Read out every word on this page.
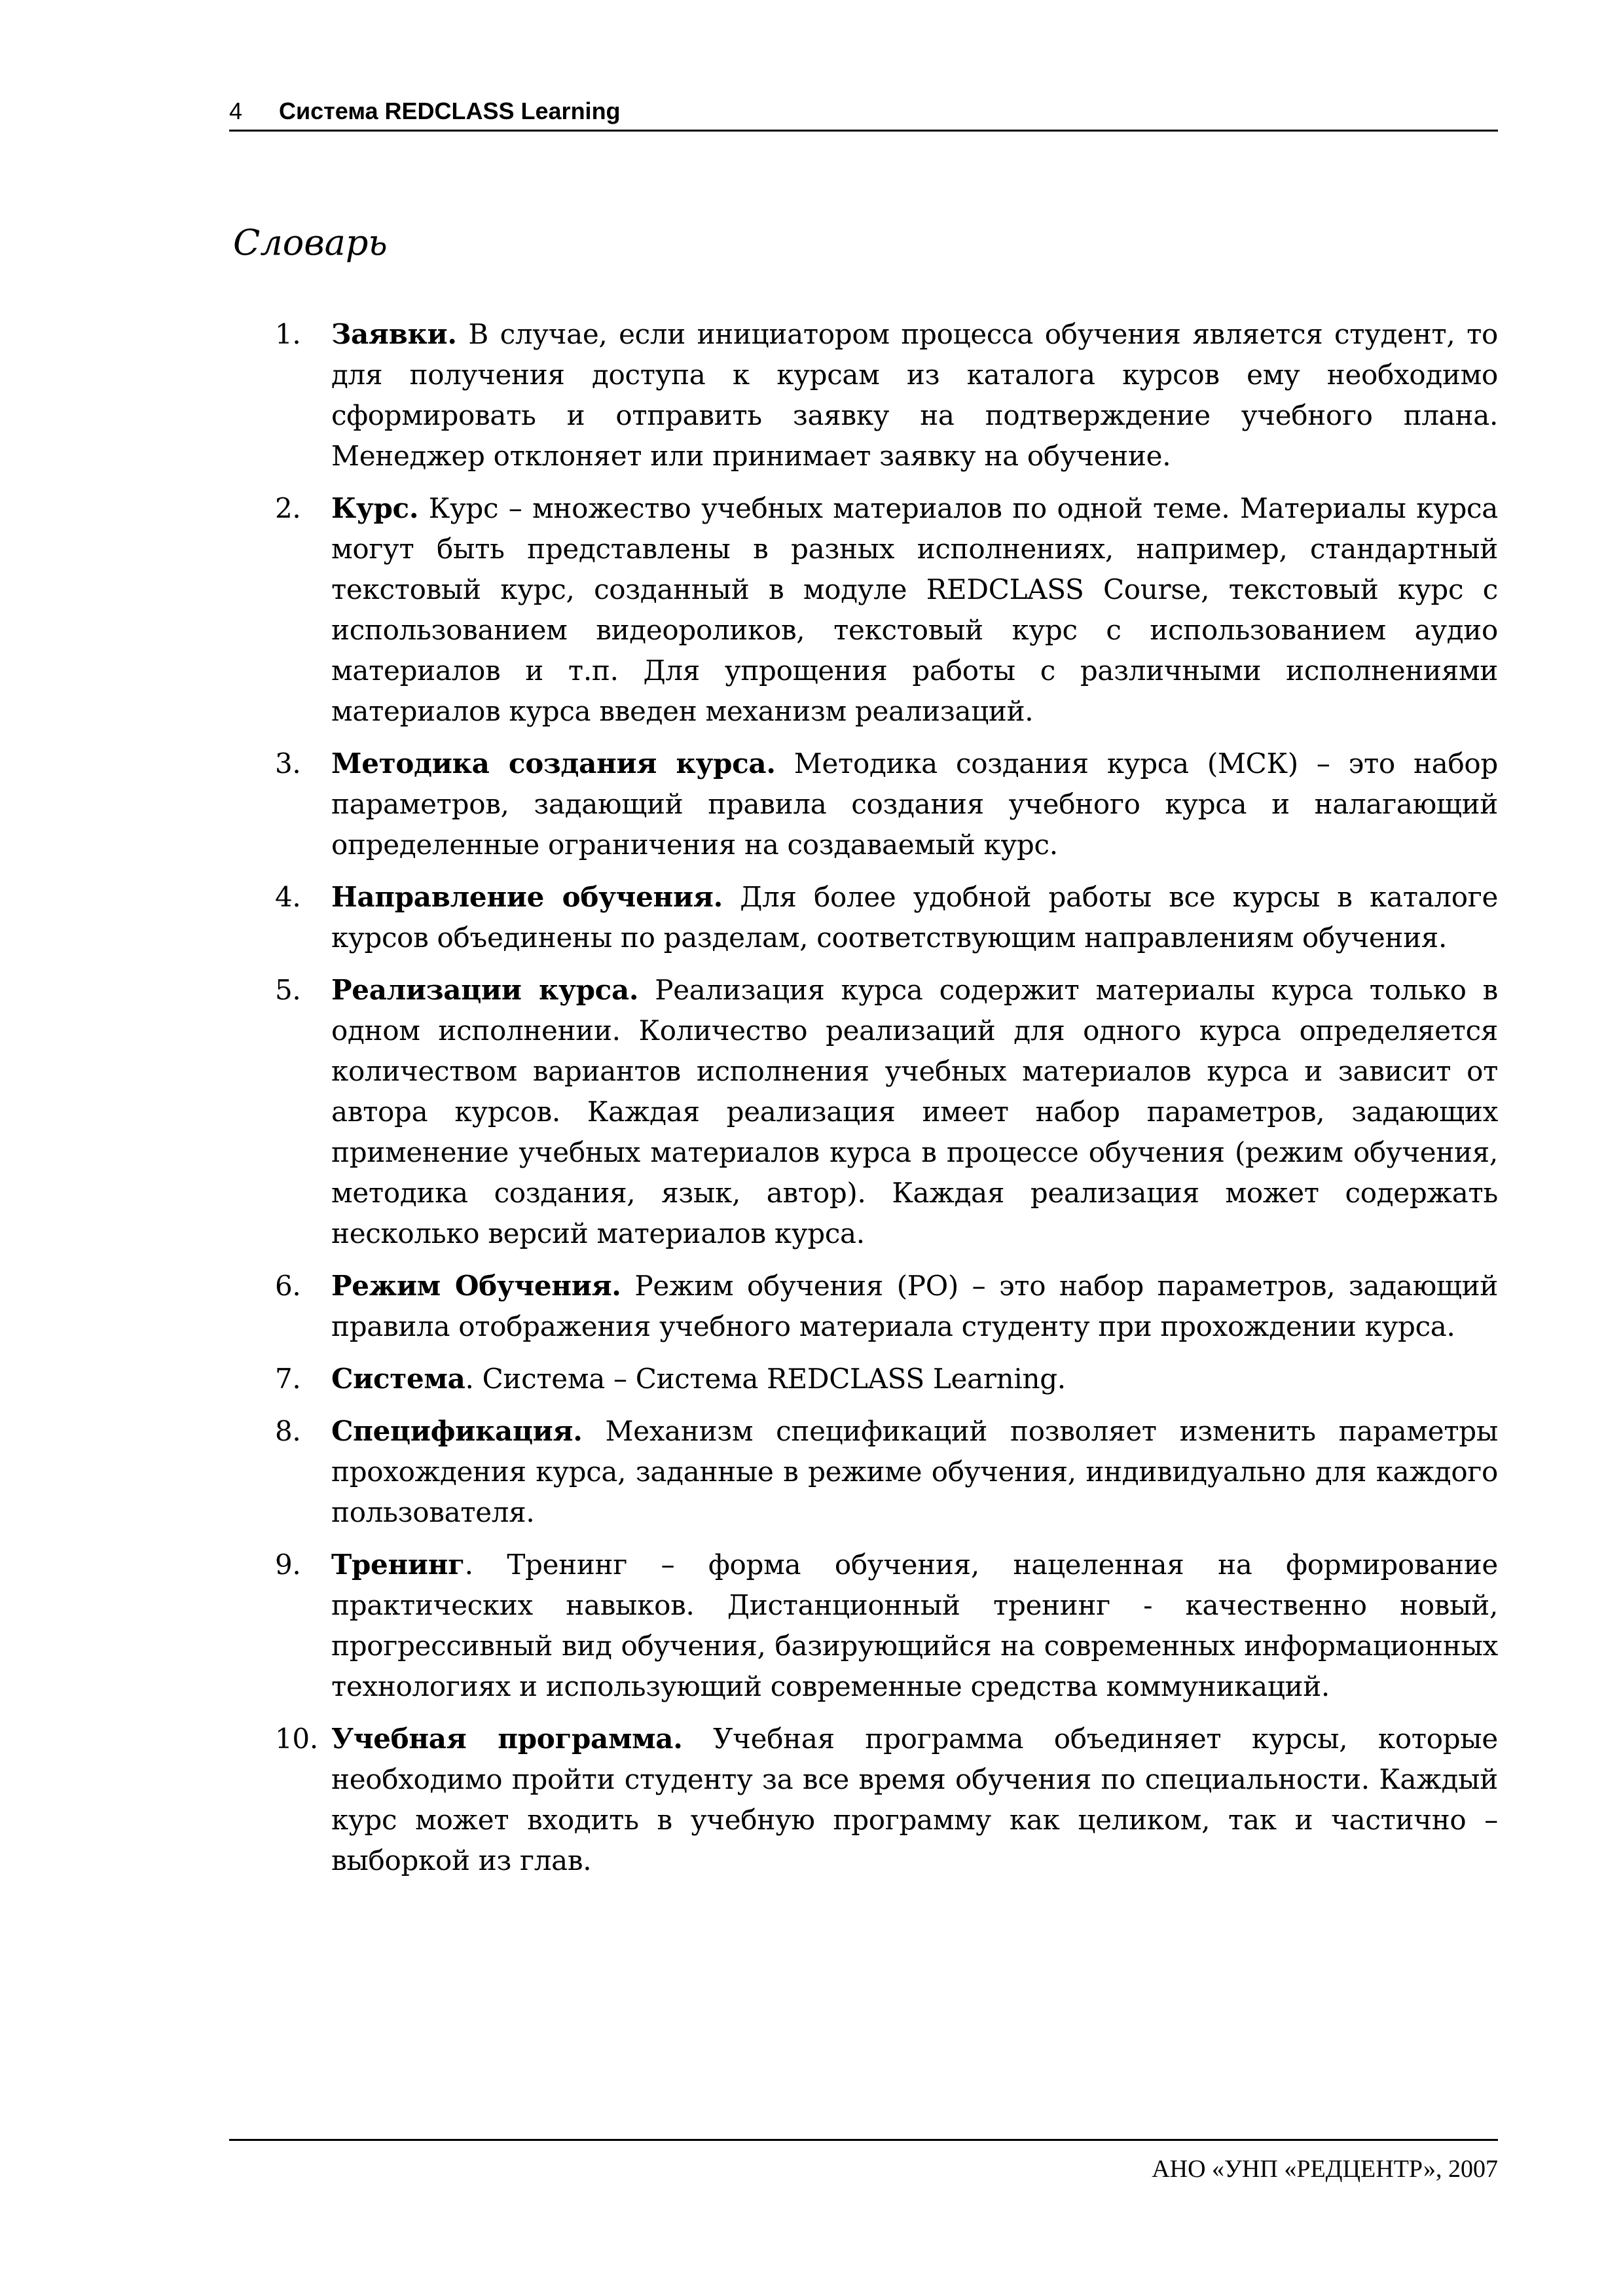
4 Система REDCLASS Learning
Словарь
1. Заявки. В случае, если инициатором процесса обучения является студент, то для получения доступа к курсам из каталога курсов ему необходимо сформировать и отправить заявку на подтверждение учебного плана. Менеджер отклоняет или принимает заявку на обучение.
2. Курс. Курс – множество учебных материалов по одной теме. Материалы курса могут быть представлены в разных исполнениях, например, стандартный текстовый курс, созданный в модуле REDCLASS Course, текстовый курс с использованием видеороликов, текстовый курс с использованием аудио материалов и т.п. Для упрощения работы с различными исполнениями материалов курса введен механизм реализаций.
3. Методика создания курса. Методика создания курса (МСК) – это набор параметров, задающий правила создания учебного курса и налагающий определенные ограничения на создаваемый курс.
4. Направление обучения. Для более удобной работы все курсы в каталоге курсов объединены по разделам, соответствующим направлениям обучения.
5. Реализации курса. Реализация курса содержит материалы курса только в одном исполнении. Количество реализаций для одного курса определяется количеством вариантов исполнения учебных материалов курса и зависит от автора курсов. Каждая реализация имеет набор параметров, задающих применение учебных материалов курса в процессе обучения (режим обучения, методика создания, язык, автор). Каждая реализация может содержать несколько версий материалов курса.
6. Режим Обучения. Режим обучения (РО) – это набор параметров, задающий правила отображения учебного материала студенту при прохождении курса.
7. Система. Система – Система REDCLASS Learning.
8. Спецификация. Механизм спецификаций позволяет изменить параметры прохождения курса, заданные в режиме обучения, индивидуально для каждого пользователя.
9. Тренинг. Тренинг – форма обучения, нацеленная на формирование практических навыков. Дистанционный тренинг - качественно новый, прогрессивный вид обучения, базирующийся на современных информационных технологиях и использующий современные средства коммуникаций.
10. Учебная программа. Учебная программа объединяет курсы, которые необходимо пройти студенту за все время обучения по специальности. Каждый курс может входить в учебную программу как целиком, так и частично – выборкой из глав.
АНО «УНП «РЕДЦЕНТР», 2007
